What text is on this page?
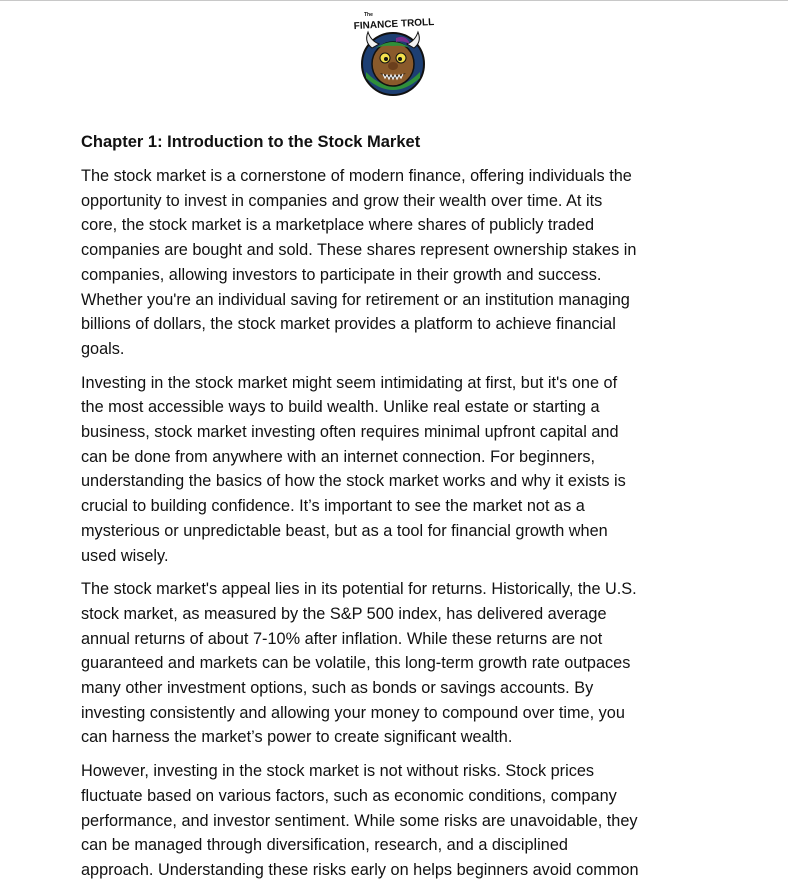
The
FINANCE TROLL
Chapter 1: Introduction to the Stock Market
The stock market is a cornerstone of modern finance, offering individuals the
opportunity to invest in companies and grow their wealth over time. At its
core, the stock market is a marketplace where shares of publicly traded
companies are bought and sold. These shares represent ownership stakes in
companies, allowing investors to participate in their growth and success.
Whether you're an individual saving for retirement or an institution managing
billions of dollars, the stock market provides a platform to achieve financial
goals.
Investing in the stock market might seem intimidating at first, but it's one of
the most accessible ways to build wealth. Unlike real estate or starting a
business, stock market investing often requires minimal upfront capital and
can be done from anywhere with an internet connection. For beginners,
understanding the basics of how the stock market works and why it exists is
crucial to building confidence. It’s important to see the market not as a
mysterious or unpredictable beast, but as a tool for financial growth when
used wisely.
The stock market's appeal lies in its potential for returns. Historically, the U.S.
stock market, as measured by the S&P 500 index, has delivered average
annual returns of about 7-10% after inflation. While these returns are not
guaranteed and markets can be volatile, this long-term growth rate outpaces
many other investment options, such as bonds or savings accounts. By
investing consistently and allowing your money to compound over time, you
can harness the market’s power to create significant wealth.
However, investing in the stock market is not without risks. Stock prices
fluctuate based on various factors, such as economic conditions, company
performance, and investor sentiment. While some risks are unavoidable, they
can be managed through diversification, research, and a disciplined
approach. Understanding these risks early on helps beginners avoid common
